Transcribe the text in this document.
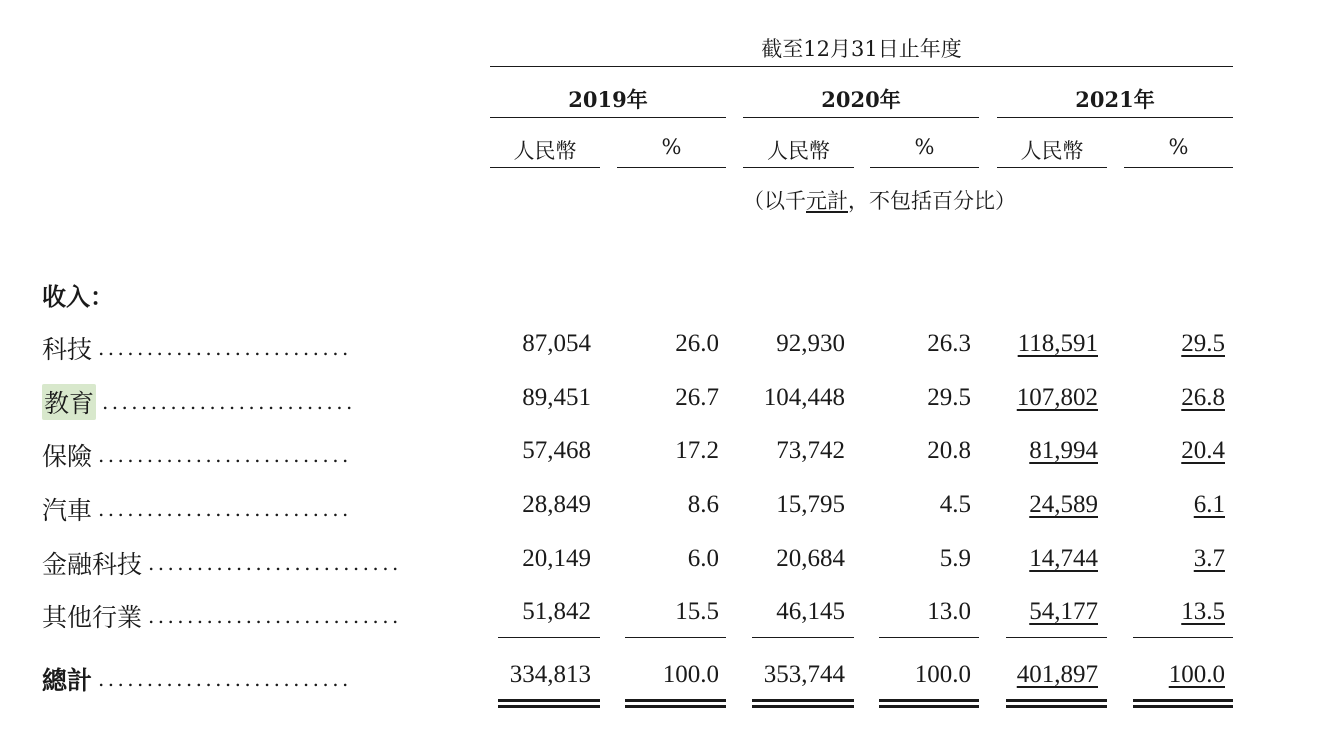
截至12月31日止年度
2019年	2020年	2021年
人民幣	%	人民幣	%	人民幣	%
（以千元計，不包括百分比）
收入：
科技 ..........................	87,054	26.0 92,930	26.3 118,591	29.5
教育 ..........................	89,451	26.7 104,448	29.5 107,802	26.8
保險 ..........................	57,468	17.2 73,742	20.8 81,994	20.4
汽車 ..........................	28,849	8.6 15,795	4.5 24,589	6.1
金融科技 ..........................	20,149	6.0 20,684	5.9 14,744	3.7
其他行業 ..........................	51,842	15.5 46,145	13.0 54,177	13.5
總計 ..........................	334,813	100.0 353,744	100.0 401,897	100.0
